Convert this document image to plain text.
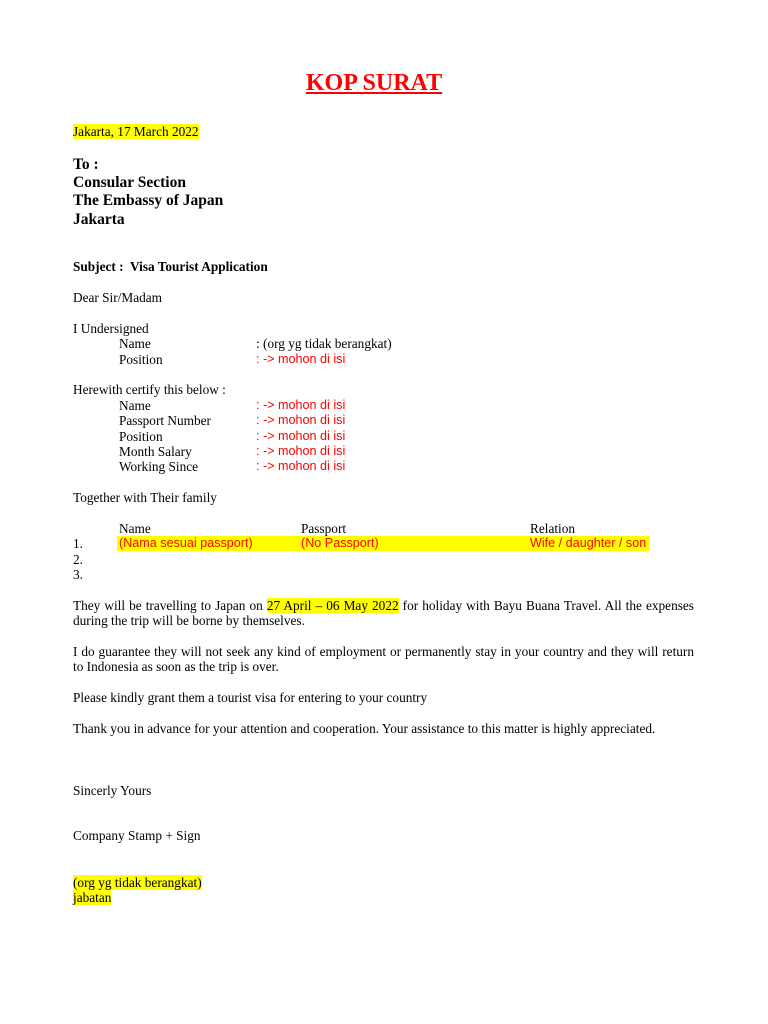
KOP SURAT
Jakarta, 17 March 2022
To :
Consular Section
The Embassy of Japan
Jakarta
Subject : Visa Tourist Application
Dear Sir/Madam
I Undersigned
Name	: (org yg tidak berangkat)
Position	: -> mohon di isi
Herewith certify this below :
Name	: -> mohon di isi
Passport Number	: -> mohon di isi
Position	: -> mohon di isi
Month Salary	: -> mohon di isi
Working Since	: -> mohon di isi
Together with Their family
Name	Passport	Relation
1.	(Nama sesuai passport)	(No Passport)	Wife / daughter / son
2.
3.
They will be travelling to Japan on 27 April – 06 May 2022 for holiday with Bayu Buana Travel. All the expenses during the trip will be borne by themselves.
I do guarantee they will not seek any kind of employment or permanently stay in your country and they will return to Indonesia as soon as the trip is over.
Please kindly grant them a tourist visa for entering to your country
Thank you in advance for your attention and cooperation. Your assistance to this matter is highly appreciated.
Sincerly Yours
Company Stamp + Sign
(org yg tidak berangkat)
jabatan
